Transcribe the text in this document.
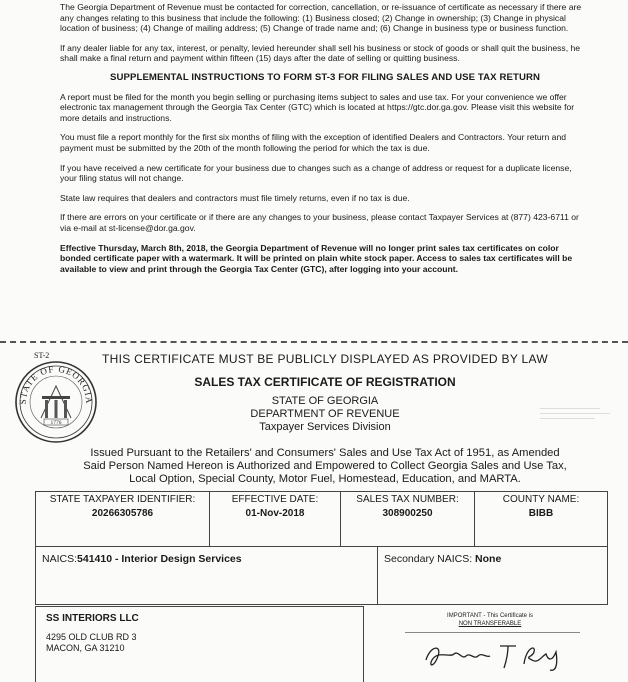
The Georgia Department of Revenue must be contacted for correction, cancellation, or re-issuance of certificate as necessary if there are any changes relating to this business that include the following: (1) Business closed; (2) Change in ownership; (3) Change in physical location of business; (4) Change of mailing address; (5) Change of trade name and; (6) Change in business type or business function.

If any dealer liable for any tax, interest, or penalty, levied hereunder shall sell his business or stock of goods or shall quit the business, he shall make a final return and payment within fifteen (15) days after the date of selling or quitting business.

SUPPLEMENTAL INSTRUCTIONS TO FORM ST-3 FOR FILING SALES AND USE TAX RETURN

A report must be filed for the month you begin selling or purchasing items subject to sales and use tax. For your convenience we offer electronic tax management through the Georgia Tax Center (GTC) which is located at https://gtc.dor.ga.gov. Please visit this website for more details and instructions.

You must file a report monthly for the first six months of filing with the exception of identified Dealers and Contractors. Your return and payment must be submitted by the 20th of the month following the period for which the tax is due.

If you have received a new certificate for your business due to changes such as a change of address or request for a duplicate license, your filing status will not change.

State law requires that dealers and contractors must file timely returns, even if no tax is due.

If there are errors on your certificate or if there are any changes to your business, please contact Taxpayer Services at (877) 423-6711 or via e-mail at st-license@dor.ga.gov.

Effective Thursday, March 8th, 2018, the Georgia Department of Revenue will no longer print sales tax certificates on color bonded certificate paper with a watermark. It will be printed on plain white stock paper. Access to sales tax certificates will be available to view and print through the Georgia Tax Center (GTC), after logging into your account.

ST-2
STATE OF GEORGIA
1776
THIS CERTIFICATE MUST BE PUBLICLY DISPLAYED AS PROVIDED BY LAW
SALES TAX CERTIFICATE OF REGISTRATION
STATE OF GEORGIA
DEPARTMENT OF REVENUE
Taxpayer Services Division
Issued Pursuant to the Retailers' and Consumers' Sales and Use Tax Act of 1951, as Amended
Said Person Named Hereon is Authorized and Empowered to Collect Georgia Sales and Use Tax,
Local Option, Special County, Motor Fuel, Homestead, Education, and MARTA.
STATE TAXPAYER IDENTIFIER:
20266305786
EFFECTIVE DATE:
01-Nov-2018
SALES TAX NUMBER:
308900250
COUNTY NAME:
BIBB
NAICS:541410 - Interior Design Services	Secondary NAICS: None
SS INTERIORS LLC
4295 OLD CLUB RD 3
MACON, GA 31210
IMPORTANT - This Certificate is
NON TRANSFERABLE
